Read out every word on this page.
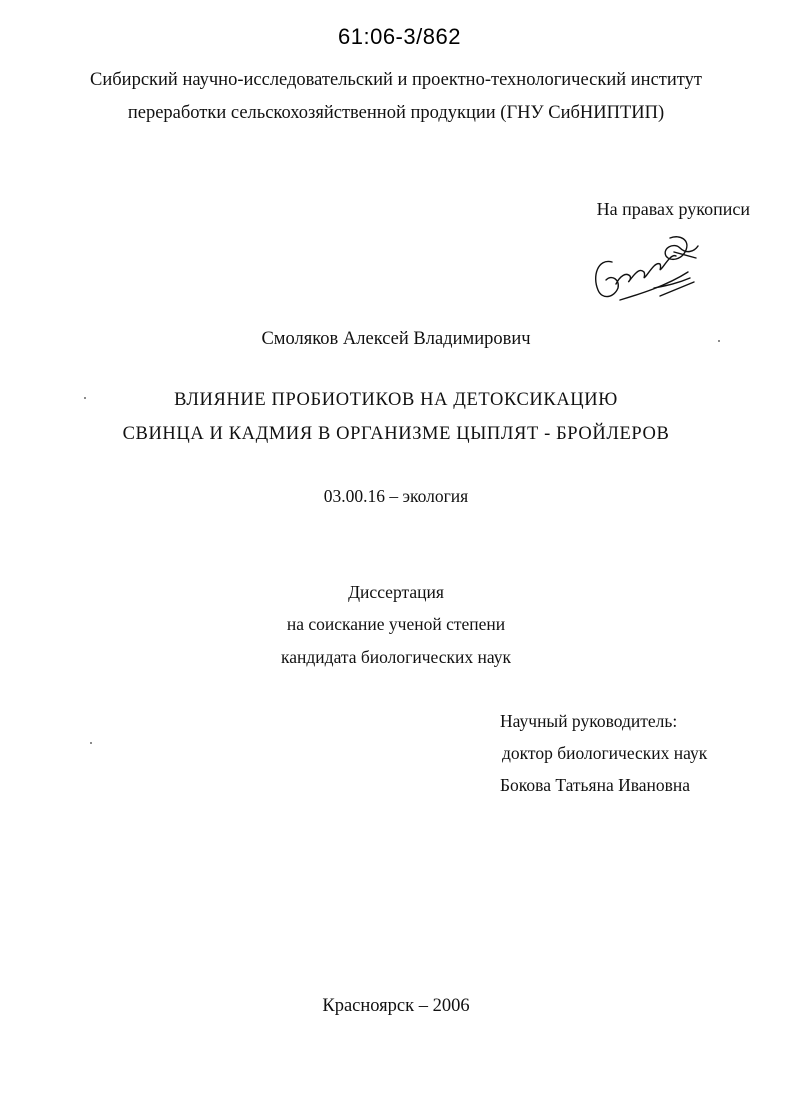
61:06-3/862
Сибирский научно-исследовательский и проектно-технологический институт
переработки сельскохозяйственной продукции (ГНУ СибНИПТИП)
На правах рукописи
Смоляков Алексей Владимирович
ВЛИЯНИЕ ПРОБИОТИКОВ НА ДЕТОКСИКАЦИЮ
СВИНЦА И КАДМИЯ В ОРГАНИЗМЕ ЦЫПЛЯТ - БРОЙЛЕРОВ
03.00.16 – экология
Диссертация
на соискание ученой степени
кандидата биологических наук
Научный руководитель:
доктор биологических наук
Бокова Татьяна Ивановна
Красноярск – 2006
